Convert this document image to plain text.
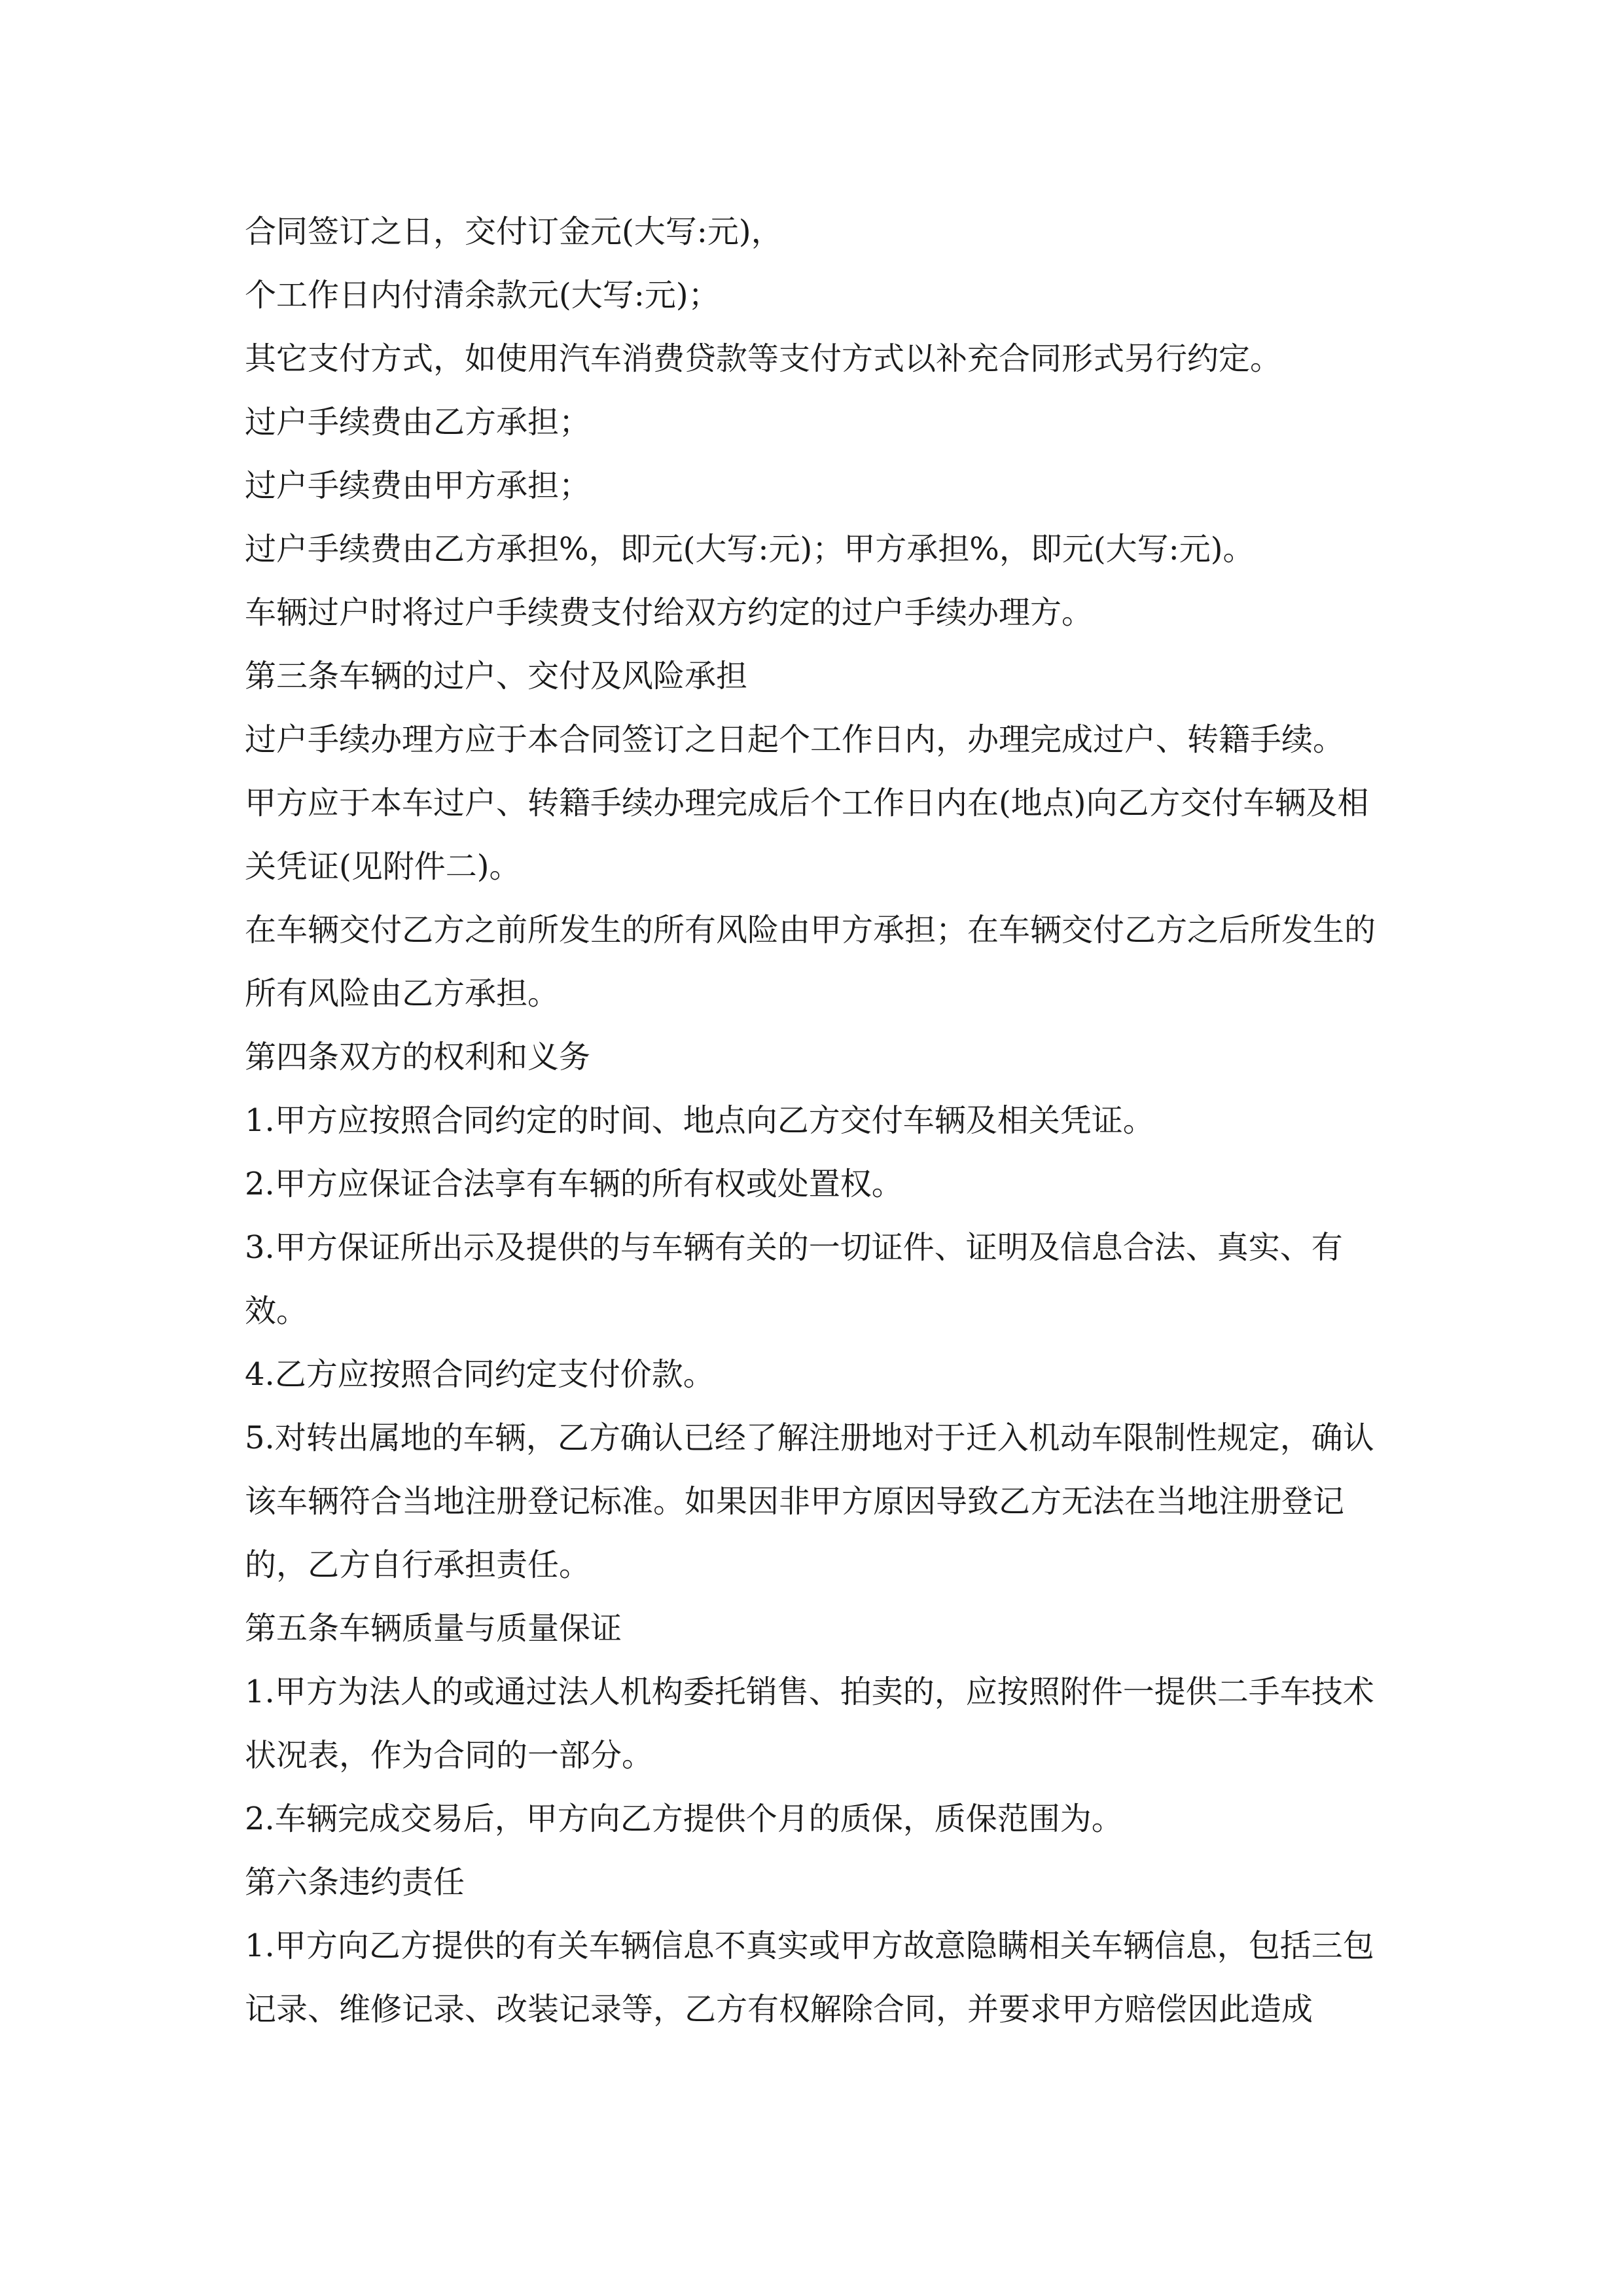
合同签订之日，交付订金元(大写:元)，

个工作日内付清余款元(大写:元)；

其它支付方式，如使用汽车消费贷款等支付方式以补充合同形式另行约定。

过户手续费由乙方承担；

过户手续费由甲方承担；

过户手续费由乙方承担%，即元(大写:元)；甲方承担%，即元(大写:元)。

车辆过户时将过户手续费支付给双方约定的过户手续办理方。

第三条车辆的过户、交付及风险承担

过户手续办理方应于本合同签订之日起个工作日内，办理完成过户、转籍手续。

甲方应于本车过户、转籍手续办理完成后个工作日内在(地点)向乙方交付车辆及相关凭证(见附件二)。

在车辆交付乙方之前所发生的所有风险由甲方承担；在车辆交付乙方之后所发生的所有风险由乙方承担。

第四条双方的权利和义务

1.甲方应按照合同约定的时间、地点向乙方交付车辆及相关凭证。

2.甲方应保证合法享有车辆的所有权或处置权。

3.甲方保证所出示及提供的与车辆有关的一切证件、证明及信息合法、真实、有效。

4.乙方应按照合同约定支付价款。

5.对转出属地的车辆，乙方确认已经了解注册地对于迁入机动车限制性规定，确认该车辆符合当地注册登记标准。如果因非甲方原因导致乙方无法在当地注册登记的，乙方自行承担责任。

第五条车辆质量与质量保证

1.甲方为法人的或通过法人机构委托销售、拍卖的，应按照附件一提供二手车技术状况表，作为合同的一部分。

2.车辆完成交易后，甲方向乙方提供个月的质保，质保范围为。

第六条违约责任

1.甲方向乙方提供的有关车辆信息不真实或甲方故意隐瞒相关车辆信息，包括三包记录、维修记录、改装记录等，乙方有权解除合同，并要求甲方赔偿因此造成
